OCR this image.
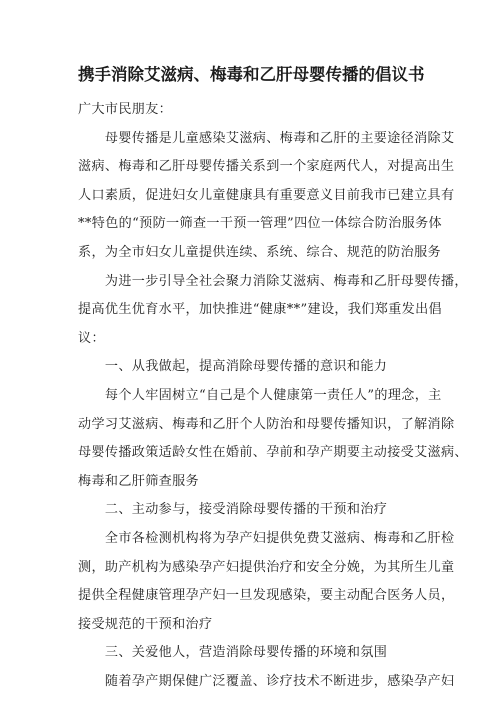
携手消除艾滋病、梅毒和乙肝母婴传播的倡议书
广大市民朋友：
　　母婴传播是儿童感染艾滋病、梅毒和乙肝的主要途径消除艾
滋病、梅毒和乙肝母婴传播关系到一个家庭两代人，对提高出生
人口素质，促进妇女儿童健康具有重要意义目前我市已建立具有
**特色的“预防一筛查一干预一管理”四位一体综合防治服务体
系，为全市妇女儿童提供连续、系统、综合、规范的防治服务
　　为进一步引导全社会聚力消除艾滋病、梅毒和乙肝母婴传播，
提高优生优育水平，加快推进“健康**”建设，我们郑重发出倡
议：
　　一、从我做起，提高消除母婴传播的意识和能力
　　每个人牢固树立“自己是个人健康第一责任人”的理念，主
动学习艾滋病、梅毒和乙肝个人防治和母婴传播知识，了解消除
母婴传播政策适龄女性在婚前、孕前和孕产期要主动接受艾滋病、
梅毒和乙肝筛查服务
　　二、主动参与，接受消除母婴传播的干预和治疗
　　全市各检测机构将为孕产妇提供免费艾滋病、梅毒和乙肝检
测，助产机构为感染孕产妇提供治疗和安全分娩，为其所生儿童
提供全程健康管理孕产妇一旦发现感染，要主动配合医务人员，
接受规范的干预和治疗
　　三、关爱他人，营造消除母婴传播的环境和氛围
　　随着孕产期保健广泛覆盖、诊疗技术不断进步，感染孕产妇
